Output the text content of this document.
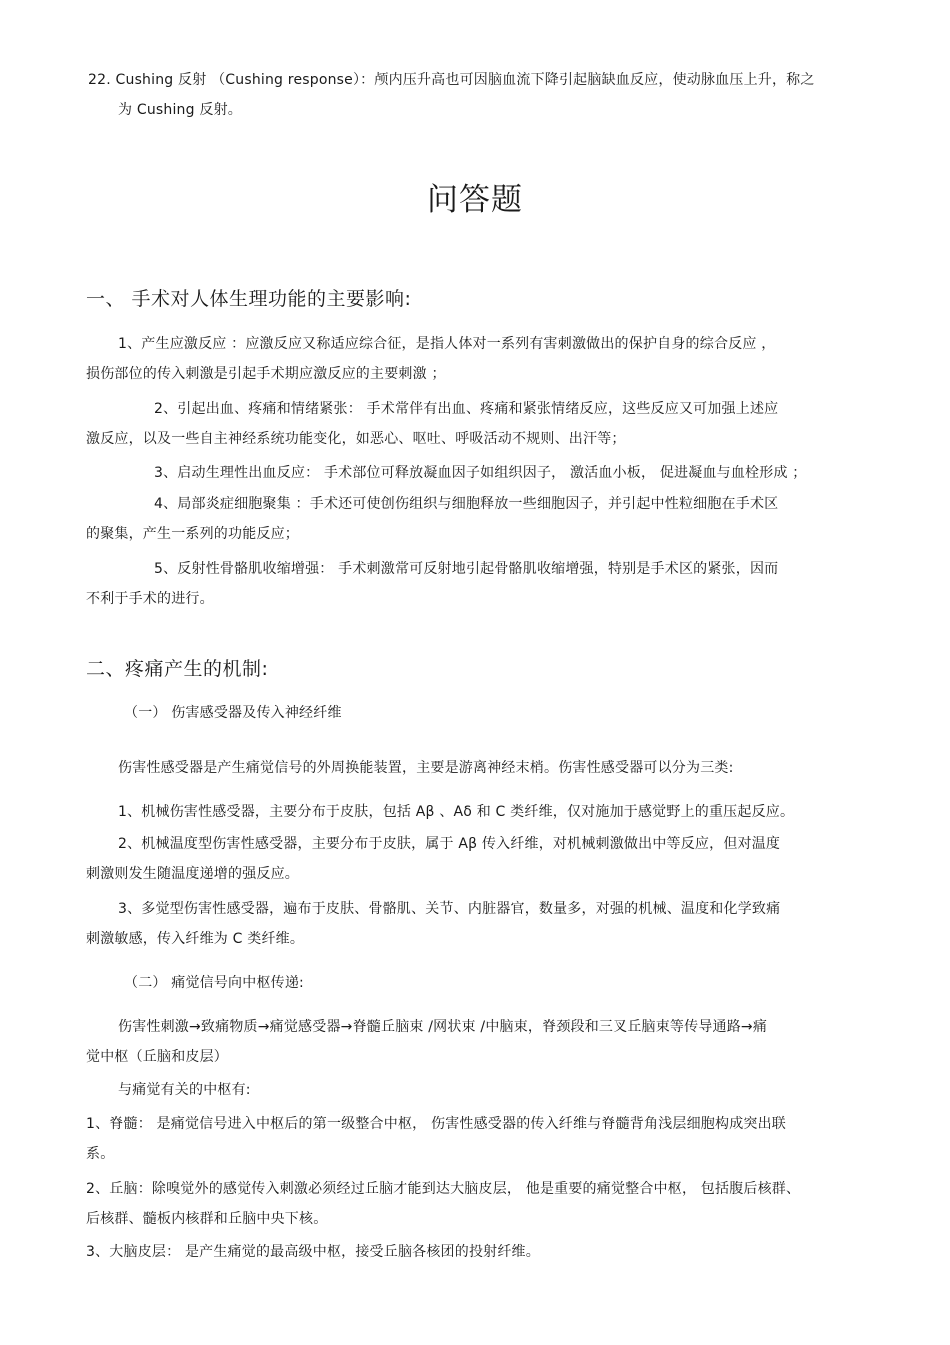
22. Cushing 反射 （Cushing response）：颅内压升高也可因脑血流下降引起脑缺血反应，使动脉血压上升，称之
为 Cushing 反射。
问答题
一、 手术对人体生理功能的主要影响:
1、产生应激反应 ：应激反应又称适应综合征，是指人体对一系列有害刺激做出的保护自身的综合反应 ，
损伤部位的传入刺激是引起手术期应激反应的主要刺激 ；
2、引起出血、疼痛和情绪紧张： 手术常伴有出血、疼痛和紧张情绪反应，这些反应又可加强上述应
激反应，以及一些自主神经系统功能变化，如恶心、呕吐、呼吸活动不规则、出汗等；
3、启动生理性出血反应： 手术部位可释放凝血因子如组织因子， 激活血小板， 促进凝血与血栓形成 ；
4、局部炎症细胞聚集 ：手术还可使创伤组织与细胞释放一些细胞因子，并引起中性粒细胞在手术区
的聚集，产生一系列的功能反应；
5、反射性骨骼肌收缩增强： 手术刺激常可反射地引起骨骼肌收缩增强，特别是手术区的紧张，因而
不利于手术的进行。
二、疼痛产生的机制:
（一） 伤害感受器及传入神经纤维
伤害性感受器是产生痛觉信号的外周换能装置，主要是游离神经末梢。伤害性感受器可以分为三类:
1、机械伤害性感受器，主要分布于皮肤，包括 Aβ 、Aδ 和 C 类纤维，仅对施加于感觉野上的重压起反应。
2、机械温度型伤害性感受器，主要分布于皮肤，属于 Aβ 传入纤维，对机械刺激做出中等反应，但对温度
刺激则发生随温度递增的强反应。
3、多觉型伤害性感受器，遍布于皮肤、骨骼肌、关节、内脏器官，数量多，对强的机械、温度和化学致痛
刺激敏感，传入纤维为 C 类纤维。
（二） 痛觉信号向中枢传递:
伤害性刺激→致痛物质→痛觉感受器→脊髓丘脑束 /网状束 /中脑束，脊颈段和三叉丘脑束等传导通路→痛
觉中枢（丘脑和皮层）
与痛觉有关的中枢有:
1、脊髓： 是痛觉信号进入中枢后的第一级整合中枢， 伤害性感受器的传入纤维与脊髓背角浅层细胞构成突出联
系。
2、丘脑：除嗅觉外的感觉传入刺激必须经过丘脑才能到达大脑皮层， 他是重要的痛觉整合中枢， 包括腹后核群、
后核群、髓板内核群和丘脑中央下核。
3、大脑皮层： 是产生痛觉的最高级中枢，接受丘脑各核团的投射纤维。
